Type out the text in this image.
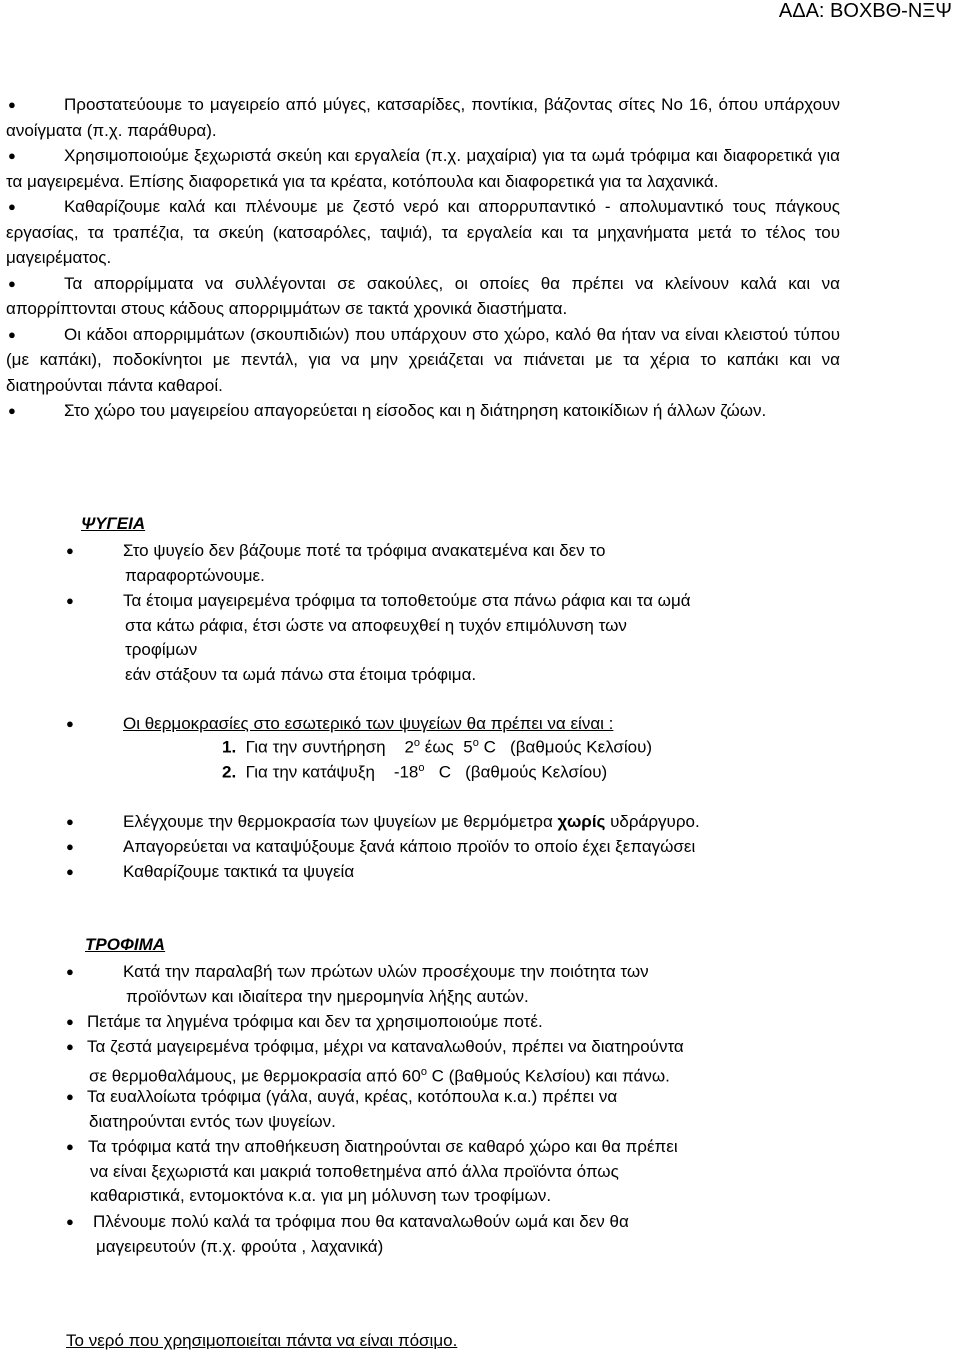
ΑΔΑ: ΒΟΧΒΘ-ΝΞΨ

●	Προστατεύουμε το μαγειρείο από μύγες, κατσαρίδες, ποντίκια, βάζοντας σίτες Νο 16, όπου υπάρχουν ανοίγματα (π.χ. παράθυρα).

●	Χρησιμοποιούμε ξεχωριστά σκεύη και εργαλεία (π.χ. μαχαίρια) για τα ωμά τρόφιμα και διαφορετικά για τα μαγειρεμένα. Επίσης διαφορετικά για τα κρέατα, κοτόπουλα και διαφορετικά για τα λαχανικά.

●	Καθαρίζουμε καλά και πλένουμε με ζεστό νερό και απορρυπαντικό - απολυμαντικό τους πάγκους εργασίας, τα τραπέζια, τα σκεύη (κατσαρόλες, ταψιά), τα εργαλεία και τα μηχανήματα μετά το τέλος του μαγειρέματος.

●	Τα απορρίμματα να συλλέγονται σε σακούλες, οι οποίες θα πρέπει να κλείνουν καλά και να απορρίπτονται στους κάδους απορριμμάτων σε τακτά χρονικά διαστήματα.

●	Οι κάδοι απορριμμάτων (σκουπιδιών) που υπάρχουν στο χώρο, καλό θα ήταν να είναι κλειστού τύπου (με καπάκι), ποδοκίνητοι με πεντάλ, για να μην χρειάζεται να πιάνεται με τα χέρια το καπάκι και να διατηρούνται πάντα καθαροί.

●	Στο χώρο του μαγειρείου απαγορεύεται η είσοδος και η διάτηρηση κατοικίδιων ή άλλων ζώων.

ΨΥΓΕΙΑ
●	Στο ψυγείο δεν βάζουμε ποτέ τα τρόφιμα ανακατεμένα και δεν το
παραφορτώνουμε.
●	Τα έτοιμα μαγειρεμένα τρόφιμα τα τοποθετούμε στα πάνω ράφια και τα ωμά
στα κάτω ράφια, έτσι ώστε να αποφευχθεί η τυχόν επιμόλυνση των
τροφίμων
εάν στάξουν τα ωμά πάνω στα έτοιμα τρόφιμα.
●	Οι θερμοκρασίες στο εσωτερικό των ψυγείων θα πρέπει να είναι :
1. Για την συντήρηση $2^o$ έως $5^o$ C (βαθμούς Κελσίου)
2. Για την κατάψυξη $-18^o$ C (βαθμούς Κελσίου)
●	Ελέγχουμε την θερμοκρασία των ψυγείων με θερμόμετρα χωρίς υδράργυρο.
●	Απαγορεύεται να καταψύξουμε ξανά κάποιο προϊόν το οποίο έχει ξεπαγώσει
●	Καθαρίζουμε τακτικά τα ψυγεία
ΤΡΟΦΙΜΑ
●	Κατά την παραλαβή των πρώτων υλών προσέχουμε την ποιότητα των
προϊόντων και ιδιαίτερα την ημερομηνία λήξης αυτών.
● Πετάμε τα ληγμένα τρόφιμα και δεν τα χρησιμοποιούμε ποτέ.
● Τα ζεστά μαγειρεμένα τρόφιμα, μέχρι να καταναλωθούν, πρέπει να διατηρούντα
σε θερμοθαλάμους, με θερμοκρασία από $60^o$ C (βαθμούς Κελσίου) και πάνω.
● Τα ευαλλοίωτα τρόφιμα (γάλα, αυγά, κρέας, κοτόπουλα κ.α.) πρέπει να
διατηρούνται εντός των ψυγείων.
● Τα τρόφιμα κατά την αποθήκευση διατηρούνται σε καθαρό χώρο και θα πρέπει
να είναι ξεχωριστά και μακριά τοποθετημένα από άλλα προϊόντα όπως
καθαριστικά, εντομοκτόνα κ.α. για μη μόλυνση των τροφίμων.
● Πλένουμε πολύ καλά τα τρόφιμα που θα καταναλωθούν ωμά και δεν θα
μαγειρευτούν (π.χ. φρούτα , λαχανικά)
Το νερό που χρησιμοποιείται πάντα να είναι πόσιμο.
